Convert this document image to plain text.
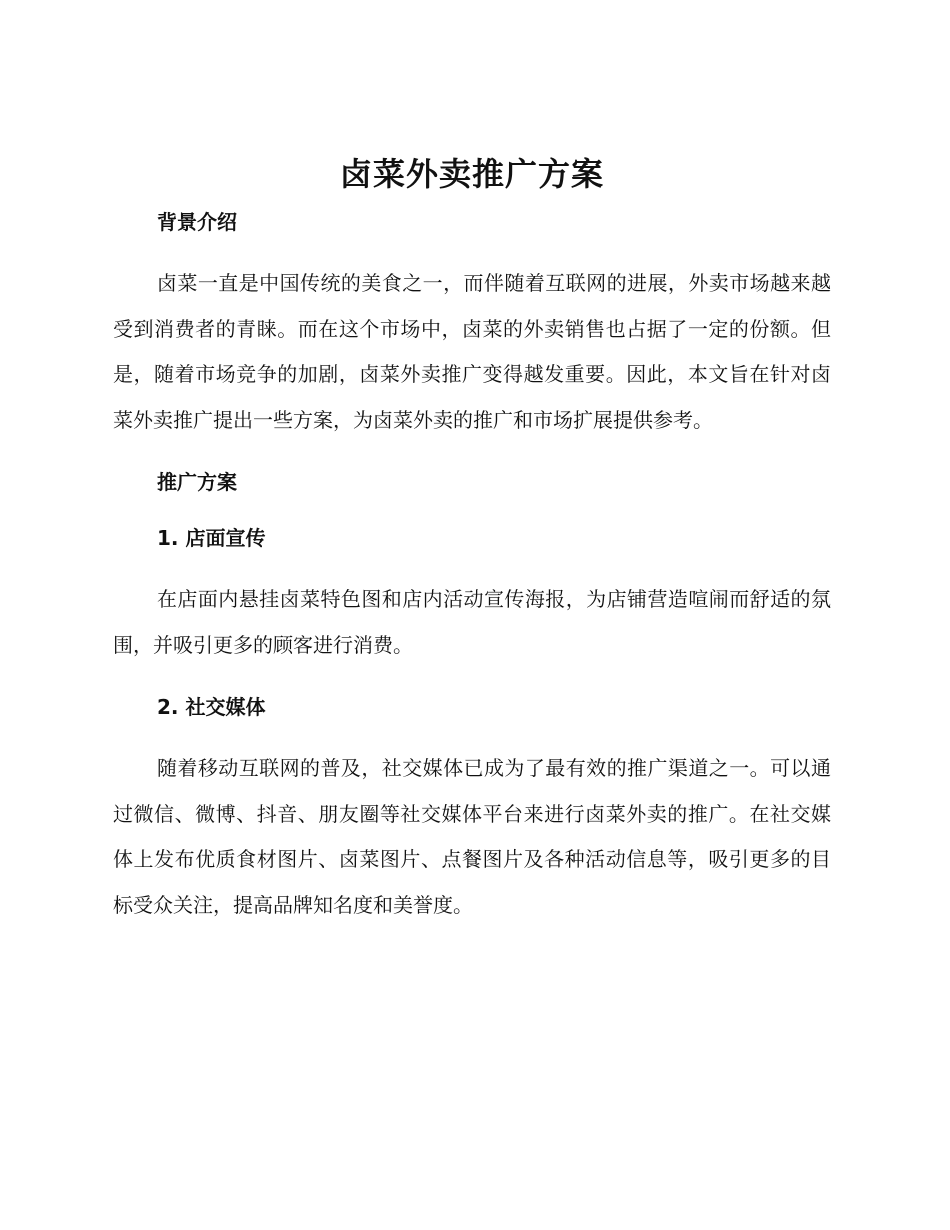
卤菜外卖推广方案
背景介绍

卤菜一直是中国传统的美食之一，而伴随着互联网的进展，外卖市场越来越受到消费者的青睐。而在这个市场中，卤菜的外卖销售也占据了一定的份额。但是，随着市场竞争的加剧，卤菜外卖推广变得越发重要。因此，本文旨在针对卤菜外卖推广提出一些方案，为卤菜外卖的推广和市场扩展提供参考。

推广方案
1. 店面宣传

在店面内悬挂卤菜特色图和店内活动宣传海报，为店铺营造喧闹而舒适的氛围，并吸引更多的顾客进行消费。

2. 社交媒体

随着移动互联网的普及，社交媒体已成为了最有效的推广渠道之一。可以通过微信、微博、抖音、朋友圈等社交媒体平台来进行卤菜外卖的推广。在社交媒体上发布优质食材图片、卤菜图片、点餐图片及各种活动信息等，吸引更多的目标受众关注，提高品牌知名度和美誉度。
